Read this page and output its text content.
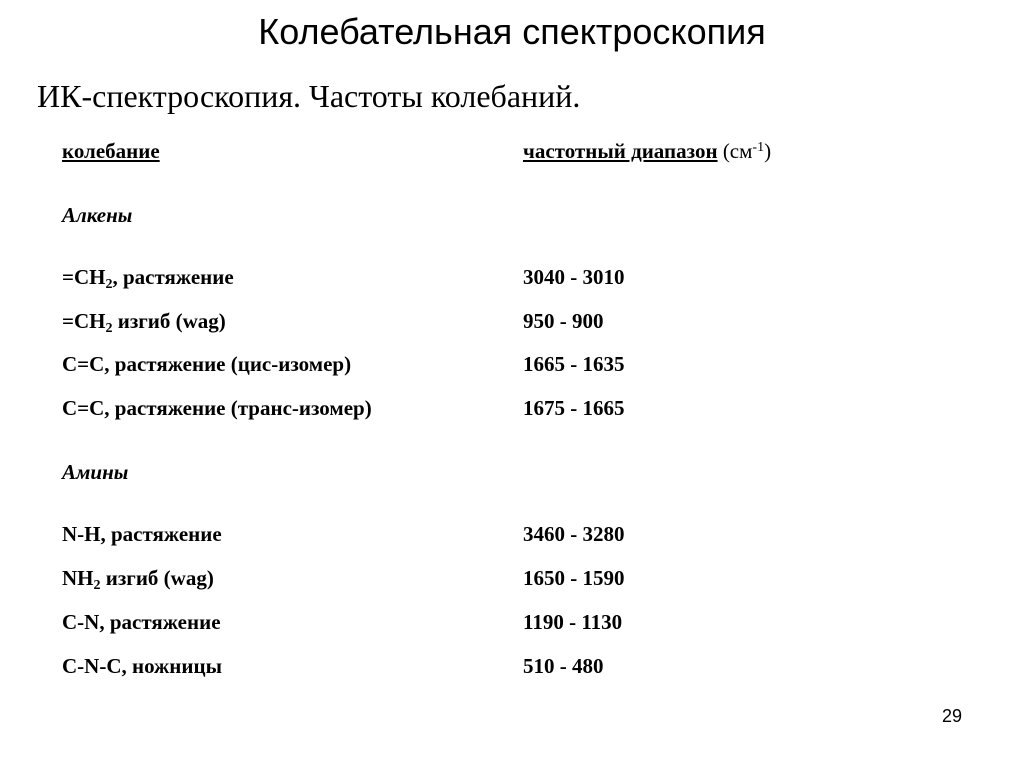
Колебательная спектроскопия
ИК-спектроскопия. Частоты колебаний.
колебание	частотный диапазон $(см^{-1})$
Алкены
$=CH_2$, растяжение	3040 - 3010
$=CH_2$ изгиб (wag)	950 - 900
C=C, растяжение (цис-изомер)	1665 - 1635
C=C, растяжение (транс-изомер)	1675 - 1665
Амины
N-H, растяжение	3460 - 3280
$NH_2$ изгиб (wag)	1650 - 1590
C-N, растяжение	1190 - 1130
C-N-C, ножницы	510 - 480
29
